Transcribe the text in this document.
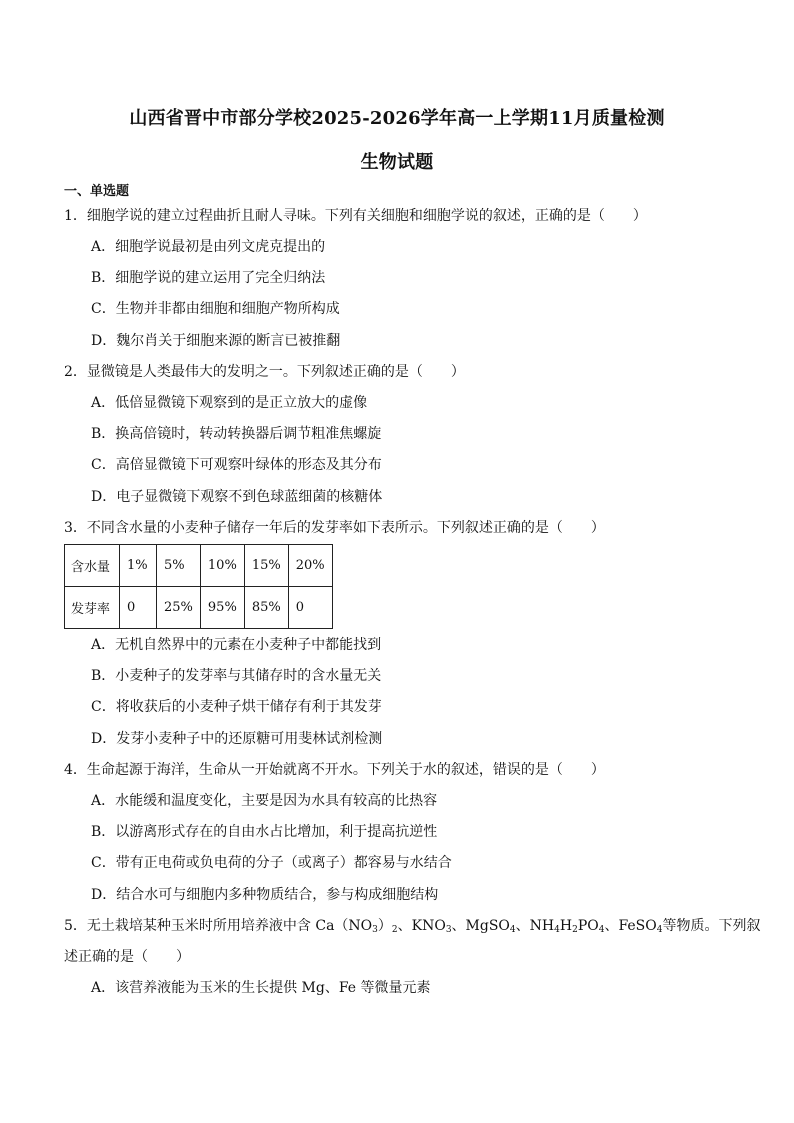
山西省晋中市部分学校2025-2026学年高一上学期11月质量检测
生物试题
一、单选题
1．细胞学说的建立过程曲折且耐人寻味。下列有关细胞和细胞学说的叙述，正确的是（　　）
A．细胞学说最初是由列文虎克提出的
B．细胞学说的建立运用了完全归纳法
C．生物并非都由细胞和细胞产物所构成
D．魏尔肖关于细胞来源的断言已被推翻
2．显微镜是人类最伟大的发明之一。下列叙述正确的是（　　）
A．低倍显微镜下观察到的是正立放大的虚像
B．换高倍镜时，转动转换器后调节粗准焦螺旋
C．高倍显微镜下可观察叶绿体的形态及其分布
D．电子显微镜下观察不到色球蓝细菌的核糖体
3．不同含水量的小麦种子储存一年后的发芽率如下表所示。下列叙述正确的是（　　）
含水量	1%	5%	10%	15%	20%
发芽率	0	25%	95%	85%	0
A．无机自然界中的元素在小麦种子中都能找到
B．小麦种子的发芽率与其储存时的含水量无关
C．将收获后的小麦种子烘干储存有利于其发芽
D．发芽小麦种子中的还原糖可用斐林试剂检测
4．生命起源于海洋，生命从一开始就离不开水。下列关于水的叙述，错误的是（　　）
A．水能缓和温度变化，主要是因为水具有较高的比热容
B．以游离形式存在的自由水占比增加，利于提高抗逆性
C．带有正电荷或负电荷的分子（或离子）都容易与水结合
D．结合水可与细胞内多种物质结合，参与构成细胞结构
5．无土栽培某种玉米时所用培养液中含 $Ca(NO_3)_2$、$KNO_3$、MgSO$_4$、$NH_4H_2PO_4$、FeSO$_4$等物质。下列叙
述正确的是（　　）
A．该营养液能为玉米的生长提供 Mg、Fe 等微量元素
